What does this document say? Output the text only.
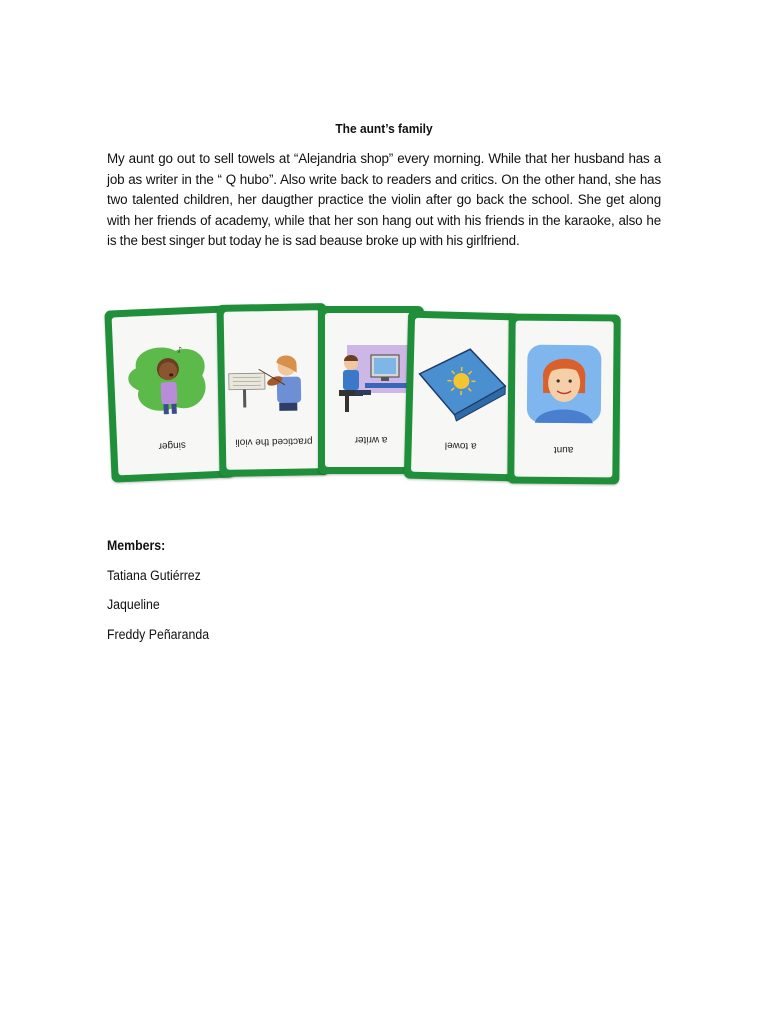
The aunt’s family
My aunt go out to sell towels at “Alejandria shop” every morning. While that her husband has a job as writer in the “ Q hubo”. Also write back to readers and critics. On the other hand, she has two talented children, her daugther practice the violin after go back the school. She get along with her friends of academy, while that her son hang out with his friends in the karaoke, also he is the best singer but today he is sad beause broke up with his girlfriend.
♪
singer	practiced the violi	a writer
a towel	aunt
Members:
Tatiana Gutiérrez
Jaqueline
Freddy Peñaranda
